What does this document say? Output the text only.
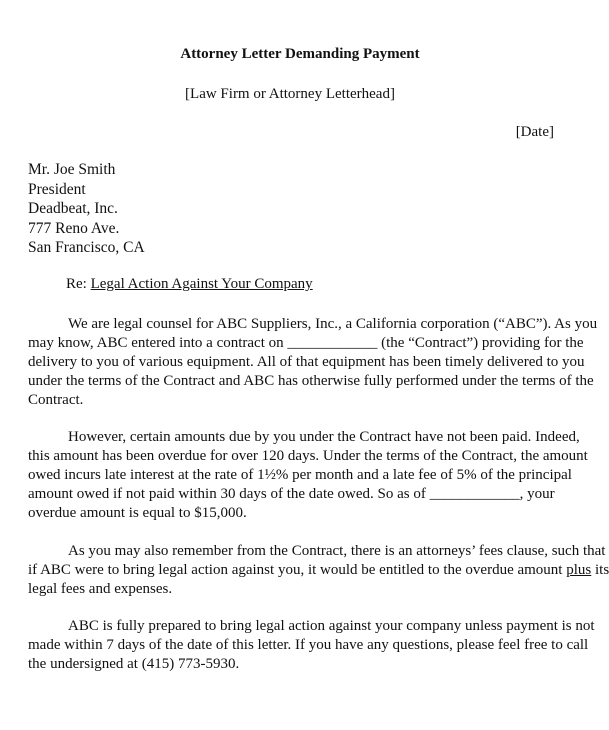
Attorney Letter Demanding Payment
[Law Firm or Attorney Letterhead]
[Date]
Mr. Joe Smith
President
Deadbeat, Inc.
777 Reno Ave.
San Francisco, CA
Re: Legal Action Against Your Company
We are legal counsel for ABC Suppliers, Inc., a California corporation (“ABC”). As you
may know, ABC entered into a contract on ____________ (the “Contract”) providing for the
delivery to you of various equipment. All of that equipment has been timely delivered to you
under the terms of the Contract and ABC has otherwise fully performed under the terms of the
Contract.
However, certain amounts due by you under the Contract have not been paid. Indeed,
this amount has been overdue for over 120 days. Under the terms of the Contract, the amount
owed incurs late interest at the rate of 1½% per month and a late fee of 5% of the principal
amount owed if not paid within 30 days of the date owed. So as of ____________, your
overdue amount is equal to $15,000.
As you may also remember from the Contract, there is an attorneys’ fees clause, such that
if ABC were to bring legal action against you, it would be entitled to the overdue amount plus its
legal fees and expenses.
ABC is fully prepared to bring legal action against your company unless payment is not
made within 7 days of the date of this letter. If you have any questions, please feel free to call
the undersigned at (415) 773-5930.
